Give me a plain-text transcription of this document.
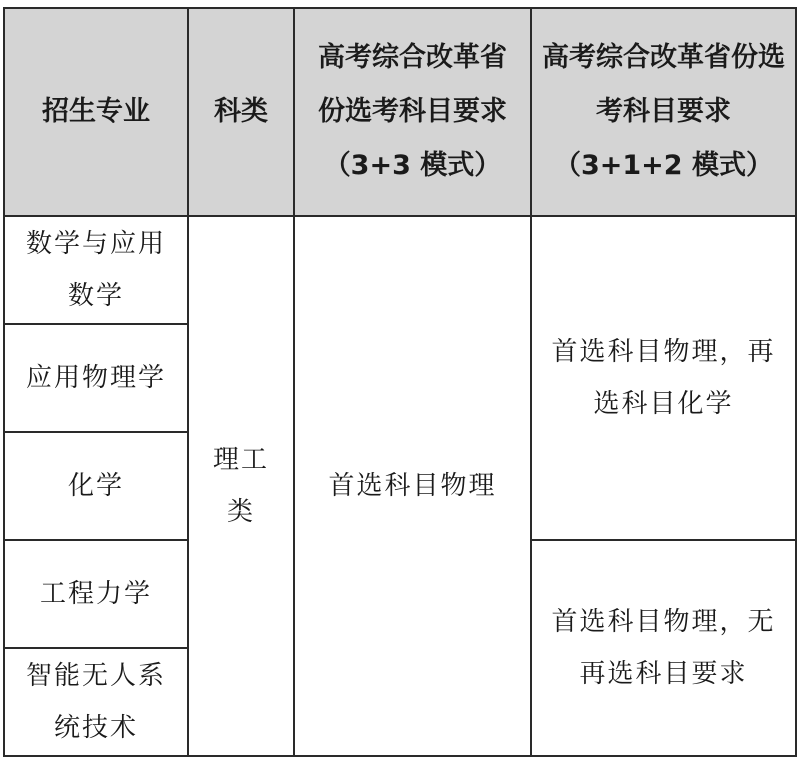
招生专业	科类	高考综合改革省份选考科目要求（3+3 模式）	高考综合改革省份选考科目要求（3+1+2 模式）
数学与应用数学	理工类	首选科目物理	首选科目物理，再选科目化学
应用物理学			
化学			
工程力学			首选科目物理，无再选科目要求
智能无人系统技术			
